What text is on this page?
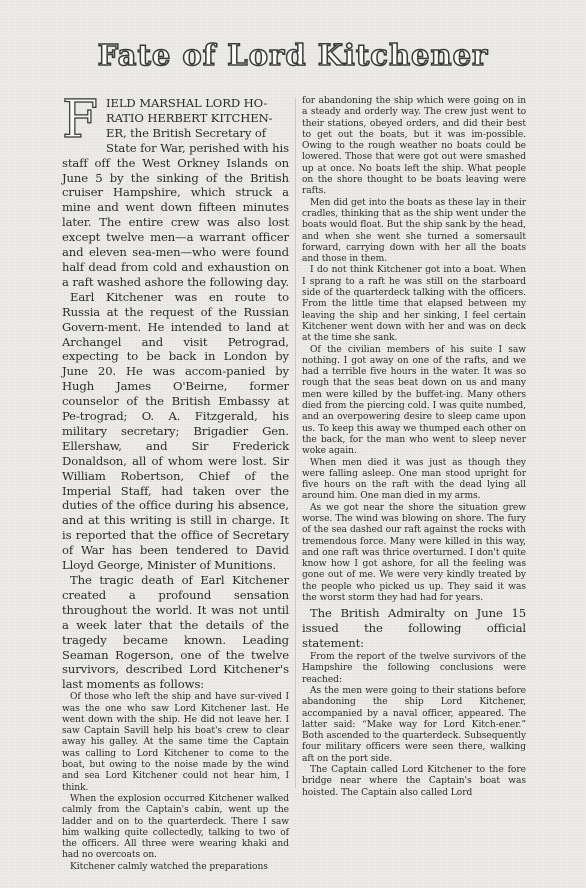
Fate of Lord Kitchener
F IELD MARSHAL LORD HO-
RATIO HERBERT KITCHEN-
ER, the British Secretary of
State for War, perished with his
staff off the West Orkney Islands on June 5 by the sinking of the British cruiser Hampshire, which struck a mine and went down fifteen minutes later. The entire crew was also lost except twelve men—a warrant officer and eleven sea-men—who were found half dead from cold and exhaustion on a raft washed ashore the following day.

Earl Kitchener was en route to Russia at the request of the Russian Govern-ment. He intended to land at Archangel and visit Petrograd, expecting to be back in London by June 20. He was accom-panied by Hugh James O'Beirne, former counselor of the British Embassy at Pe-trograd; O. A. Fitzgerald, his military secretary; Brigadier Gen. Ellershaw, and Sir Frederick Donaldson, all of whom were lost. Sir William Robertson, Chief of the Imperial Staff, had taken over the duties of the office during his absence, and at this writing is still in charge. It is reported that the office of Secretary of War has been tendered to David Lloyd George, Minister of Munitions.

The tragic death of Earl Kitchener created a profound sensation throughout the world. It was not until a week later that the details of the tragedy became known. Leading Seaman Rogerson, one of the twelve survivors, described Lord Kitchener's last moments as follows:

Of those who left the ship and have sur-vived I was the one who saw Lord Kitchener last. He went down with the ship. He did not leave her. I saw Captain Savill help his boat's crew to clear away his galley. At the same time the Captain was calling to Lord Kitchener to come to the boat, but owing to the noise made by the wind and sea Lord Kitchener could not hear him, I think.

When the explosion occurred Kitchener walked calmly from the Captain's cabin, went up the ladder and on to the quarterdeck. There I saw him walking quite collectedly, talking to two of the officers. All three were wearing khaki and had no overcoats on.

Kitchener calmly watched the preparations

for abandoning the ship which were going on in a steady and orderly way. The crew just went to their stations, obeyed orders, and did their best to get out the boats, but it was im-possible. Owing to the rough weather no boats could be lowered. Those that were got out were smashed up at once. No boats left the ship. What people on the shore thought to be boats leaving were rafts.

Men did get into the boats as these lay in their cradles, thinking that as the ship went under the boats would float. But the ship sank by the head, and when she went she turned a somersault forward, carrying down with her all the boats and those in them.

I do not think Kitchener got into a boat. When I sprang to a raft he was still on the starboard side of the quarterdeck talking with the officers. From the little time that elapsed between my leaving the ship and her sinking, I feel certain Kitchener went down with her and was on deck at the time she sank.

Of the civilian members of his suite I saw nothing. I got away on one of the rafts, and we had a terrible five hours in the water. It was so rough that the seas beat down on us and many men were killed by the buffet-ing. Many others died from the piercing cold. I was quite numbed, and an overpowering desire to sleep came upon us. To keep this away we thumped each other on the back, for the man who went to sleep never woke again.

When men died it was just as though they were falling asleep. One man stood upright for five hours on the raft with the dead lying all around him. One man died in my arms.

As we got near the shore the situation grew worse. The wind was blowing on shore. The fury of the sea dashed our raft against the rocks with tremendous force. Many were killed in this way, and one raft was thrice overturned. I don't quite know how I got ashore, for all the feeling was gone out of me. We were very kindly treated by the people who picked us up. They said it was the worst storm they had had for years.

The British Admiralty on June 15 issued the following official statement:

From the report of the twelve survivors of the Hampshire the following conclusions were reached:

As the men were going to their stations before abandoning the ship Lord Kitchener, accompanied by a naval officer, appeared. The latter said: “Make way for Lord Kitch-ener.” Both ascended to the quarterdeck. Subsequently four military officers were seen there, walking aft on the port side.

The Captain called Lord Kitchener to the fore bridge near where the Captain's boat was hoisted. The Captain also called Lord
